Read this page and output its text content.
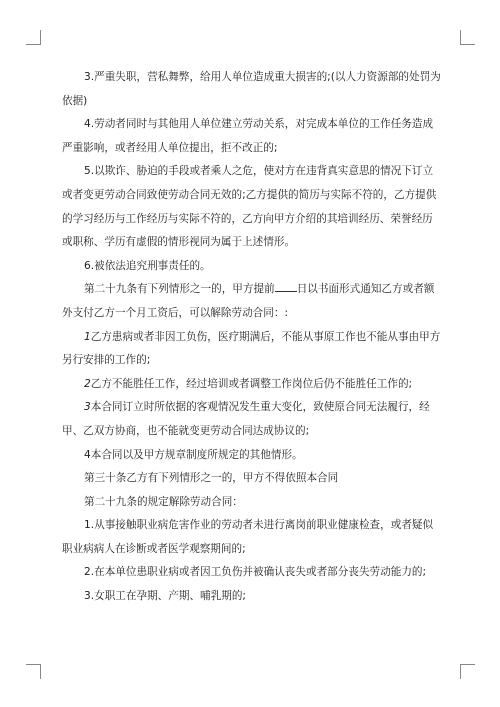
3.严重失职，营私舞弊，给用人单位造成重大损害的;(以人力资源部的处罚为依据)

4.劳动者同时与其他用人单位建立劳动关系，对完成本单位的工作任务造成严重影响，或者经用人单位提出，拒不改正的;

5.以欺诈、胁迫的手段或者乘人之危，使对方在违背真实意思的情况下订立或者变更劳动合同致使劳动合同无效的;乙方提供的简历与实际不符的，乙方提供的学习经历与工作经历与实际不符的，乙方向甲方介绍的其培训经历、荣誉经历或职称、学历有虚假的情形视同为属于上述情形。

6.被依法追究刑事责任的。

第二十九条有下列情形之一的，甲方提前 日以书面形式通知乙方或者额外支付乙方一个月工资后，可以解除劳动合同：:

1乙方患病或者非因工负伤，医疗期满后，不能从事原工作也不能从事由甲方另行安排的工作的;

2乙方不能胜任工作，经过培训或者调整工作岗位后仍不能胜任工作的;

3本合同订立时所依据的客观情况发生重大变化，致使原合同无法履行，经甲、乙双方协商，也不能就变更劳动合同达成协议的;

4本合同以及甲方规章制度所规定的其他情形。

第三十条乙方有下列情形之一的，甲方不得依照本合同

第二十九条的规定解除劳动合同：

1.从事接触职业病危害作业的劳动者未进行离岗前职业健康检查，或者疑似职业病病人在诊断或者医学观察期间的;

2.在本单位患职业病或者因工负伤并被确认丧失或者部分丧失劳动能力的;

3.女职工在孕期、产期、哺乳期的;
